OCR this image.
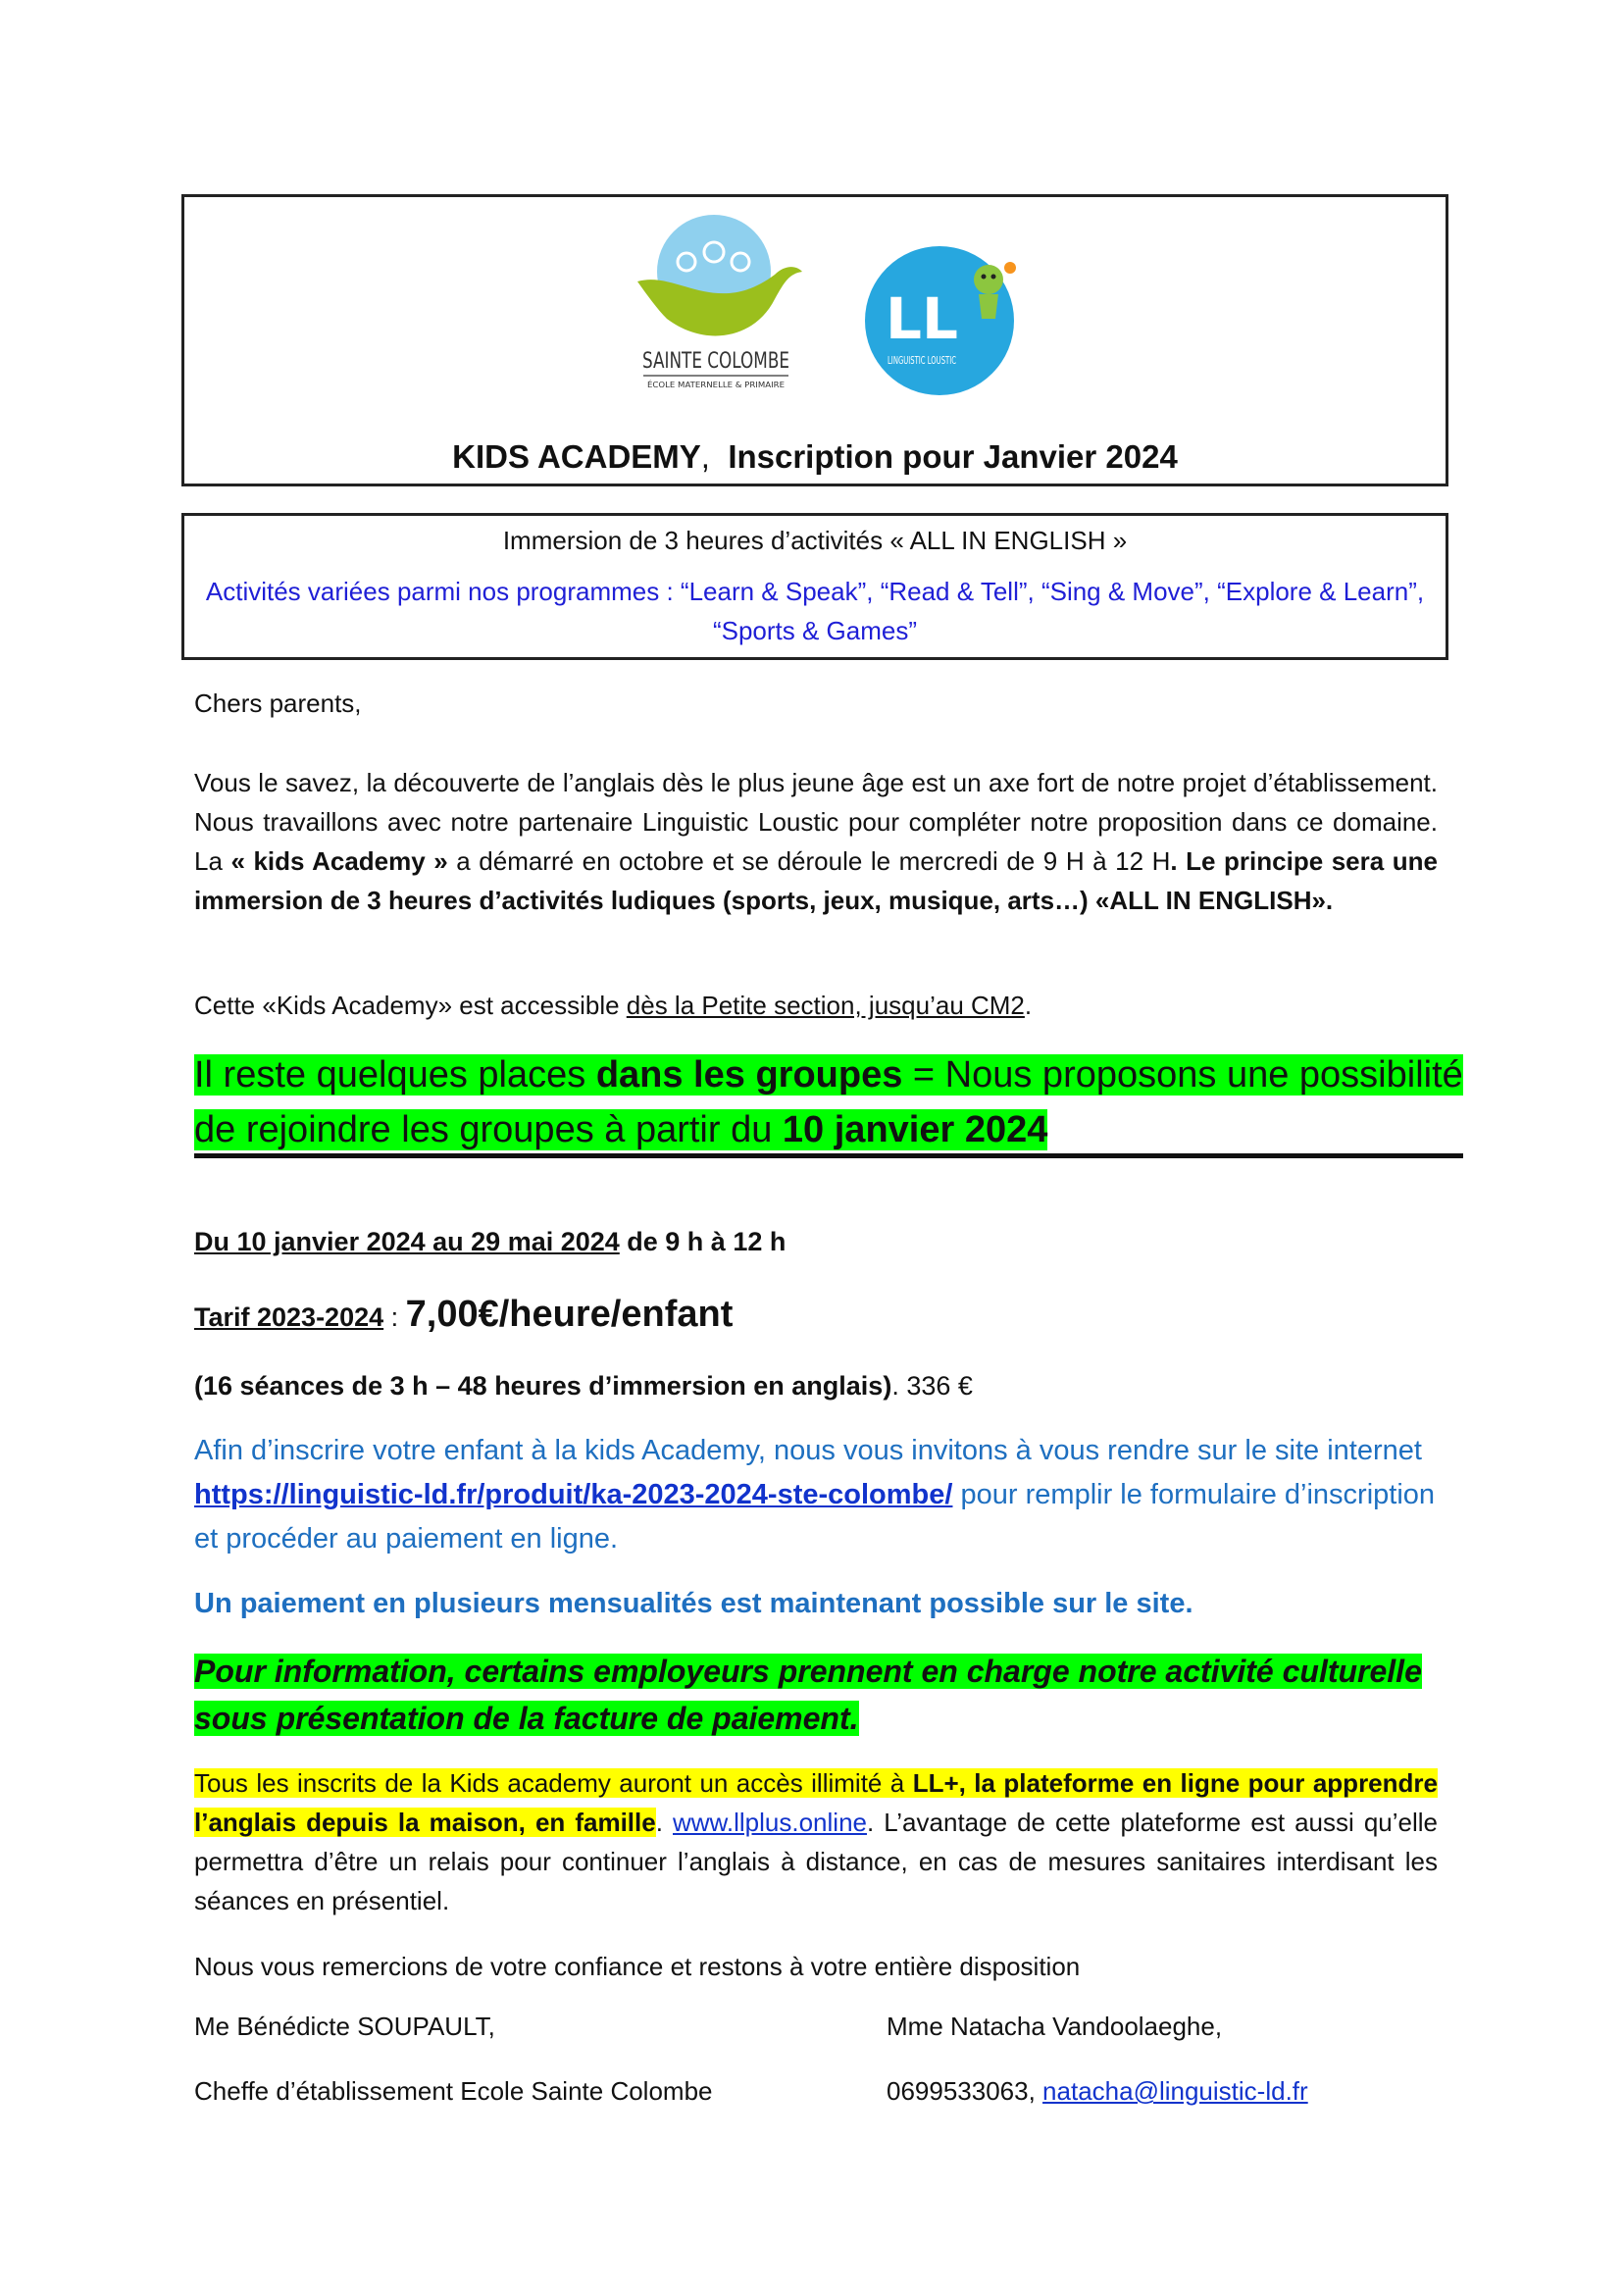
KIDS ACADEMY, Inscription pour Janvier 2024
SAINTE COLOMBE
ÉCOLE MATERNELLE & PRIMAIRE
LL
LINGUISTIC LOUSTIC
Immersion de 3 heures d’activités « ALL IN ENGLISH »
Activités variées parmi nos programmes : “Learn & Speak”, “Read & Tell”, “Sing & Move”, “Explore & Learn”, “Sports & Games”
Chers parents,
Vous le savez, la découverte de l’anglais dès le plus jeune âge est un axe fort de notre projet d’établissement. Nous travaillons avec notre partenaire Linguistic Loustic pour compléter notre proposition dans ce domaine. La « kids Academy » a démarré en octobre et se déroule le mercredi de 9 H à 12 H. Le principe sera une immersion de 3 heures d’activités ludiques (sports, jeux, musique, arts…) «ALL IN ENGLISH».
Cette «Kids Academy» est accessible dès la Petite section, jusqu’au CM2.
Il reste quelques places dans les groupes = Nous proposons une possibilité de rejoindre les groupes à partir du 10 janvier 2024
Du 10 janvier 2024 au 29 mai 2024 de 9 h à 12 h
Tarif 2023-2024 : 7,00€/heure/enfant
(16 séances de 3 h – 48 heures d’immersion en anglais). 336 €
Afin d’inscrire votre enfant à la kids Academy, nous vous invitons à vous rendre sur le site internet https://linguistic-ld.fr/produit/ka-2023-2024-ste-colombe/ pour remplir le formulaire d’inscription et procéder au paiement en ligne.
Un paiement en plusieurs mensualités est maintenant possible sur le site.
Pour information, certains employeurs prennent en charge notre activité culturelle sous présentation de la facture de paiement.
Tous les inscrits de la Kids academy auront un accès illimité à LL+, la plateforme en ligne pour apprendre l’anglais depuis la maison, en famille. www.llplus.online. L’avantage de cette plateforme est aussi qu’elle permettra d’être un relais pour continuer l’anglais à distance, en cas de mesures sanitaires interdisant les séances en présentiel.
Nous vous remercions de votre confiance et restons à votre entière disposition
Me Bénédicte SOUPAULT,
Cheffe d’établissement Ecole Sainte Colombe
Mme Natacha Vandoolaeghe,
0699533063, natacha@linguistic-ld.fr
